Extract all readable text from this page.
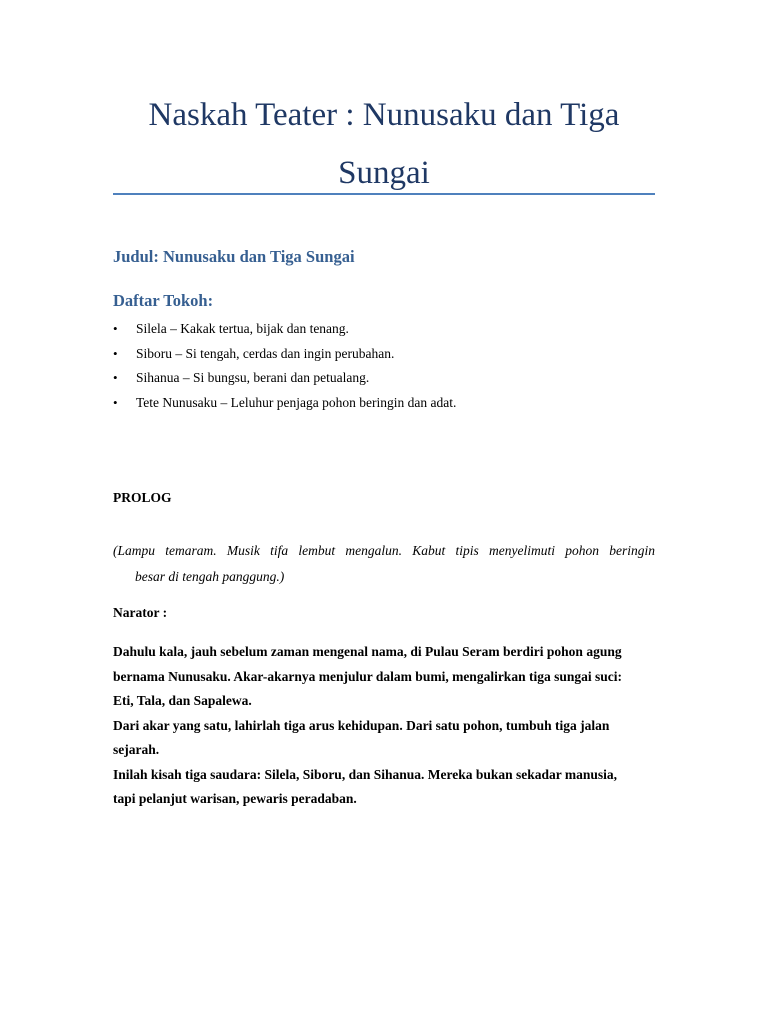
Naskah Teater : Nunusaku dan Tiga
Sungai
Judul: Nunusaku dan Tiga Sungai
Daftar Tokoh:
• Silela – Kakak tertua, bijak dan tenang.
• Siboru – Si tengah, cerdas dan ingin perubahan.
• Sihanua – Si bungsu, berani dan petualang.
• Tete Nunusaku – Leluhur penjaga pohon beringin dan adat.

PROLOG

(Lampu temaram. Musik tifa lembut mengalun. Kabut tipis menyelimuti pohon beringin
besar di tengah panggung.)

Narator :

Dahulu kala, jauh sebelum zaman mengenal nama, di Pulau Seram berdiri pohon agung
bernama Nunusaku. Akar-akarnya menjulur dalam bumi, mengalirkan tiga sungai suci:
Eti, Tala, dan Sapalewa.
Dari akar yang satu, lahirlah tiga arus kehidupan. Dari satu pohon, tumbuh tiga jalan
sejarah.
Inilah kisah tiga saudara: Silela, Siboru, dan Sihanua. Mereka bukan sekadar manusia,
tapi pelanjut warisan, pewaris peradaban.
